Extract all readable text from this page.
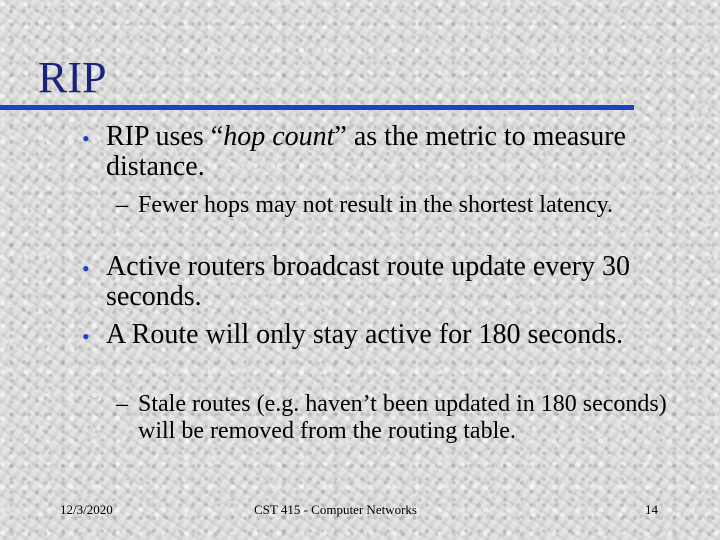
RIP
• RIP uses “hop count” as the metric to measure distance.
– Fewer hops may not result in the shortest latency.
• Active routers broadcast route update every 30 seconds.
• A Route will only stay active for 180 seconds.
– Stale routes (e.g. haven’t been updated in 180 seconds) will be removed from the routing table.
12/3/2020	CST 415 - Computer Networks	14
